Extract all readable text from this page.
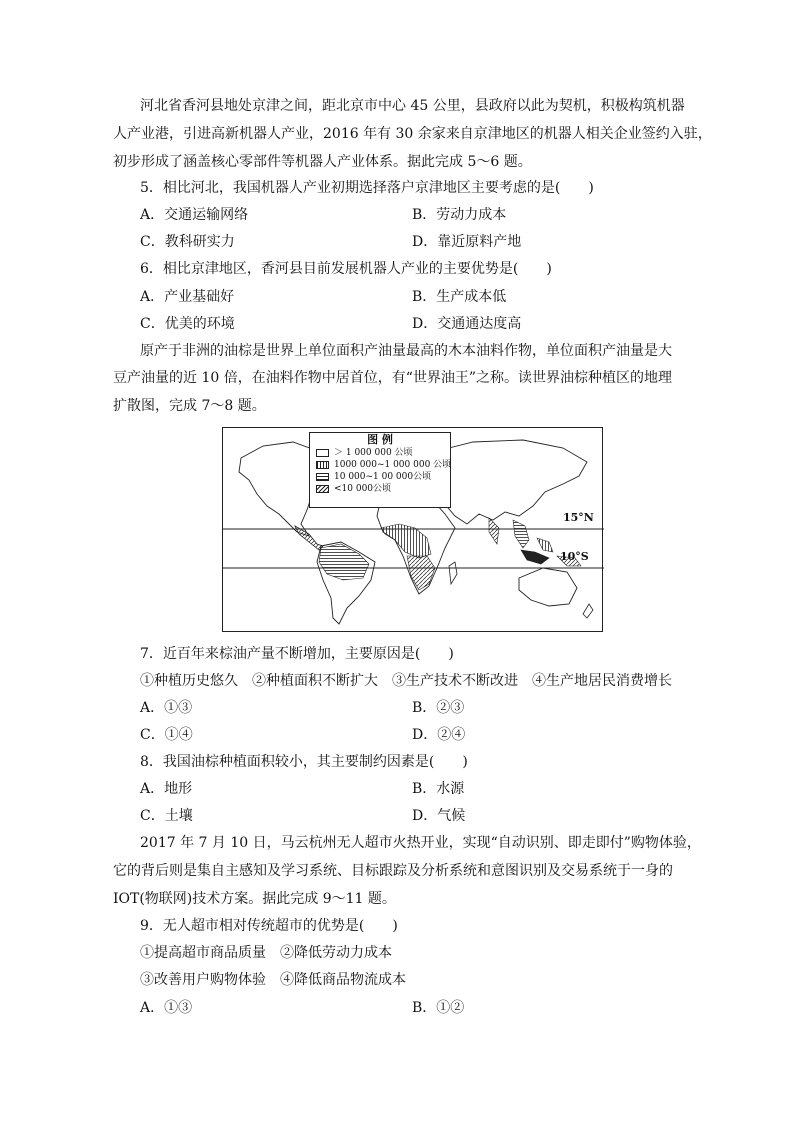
河北省香河县地处京津之间，距北京市中心 45 公里，县政府以此为契机，积极构筑机器
人产业港，引进高新机器人产业，2016 年有 30 余家来自京津地区的机器人相关企业签约入驻，
初步形成了涵盖核心零部件等机器人产业体系。据此完成 5～6 题。
5．相比河北，我国机器人产业初期选择落户京津地区主要考虑的是(　　)
A．交通运输网络	B．劳动力成本
C．教科研实力	D．靠近原料产地
6．相比京津地区，香河县目前发展机器人产业的主要优势是(　　)
A．产业基础好	B．生产成本低
C．优美的环境	D．交通通达度高
原产于非洲的油棕是世界上单位面积产油量最高的木本油料作物，单位面积产油量是大
豆产油量的近 10 倍，在油料作物中居首位，有“世界油王”之称。读世界油棕种植区的地理
扩散图，完成 7～8 题。
15°N
10°S
图 例
＞ 1 000 000 公顷
1000 000~1 000 000 公顷
10 000~1 00 000公顷
<10 000公顷
7．近百年来棕油产量不断增加，主要原因是(　　)
①种植历史悠久　②种植面积不断扩大　③生产技术不断改进　④生产地居民消费增长
A．①③	B．②③
C．①④	D．②④
8．我国油棕种植面积较小，其主要制约因素是(　　)
A．地形	B．水源
C．土壤	D．气候
2017 年 7 月 10 日，马云杭州无人超市火热开业，实现“自动识别、即走即付”购物体验，
它的背后则是集自主感知及学习系统、目标跟踪及分析系统和意图识别及交易系统于一身的
IOT(物联网)技术方案。据此完成 9～11 题。
9．无人超市相对传统超市的优势是(　　)
①提高超市商品质量　②降低劳动力成本
③改善用户购物体验　④降低商品物流成本
A．①③	B．①②
